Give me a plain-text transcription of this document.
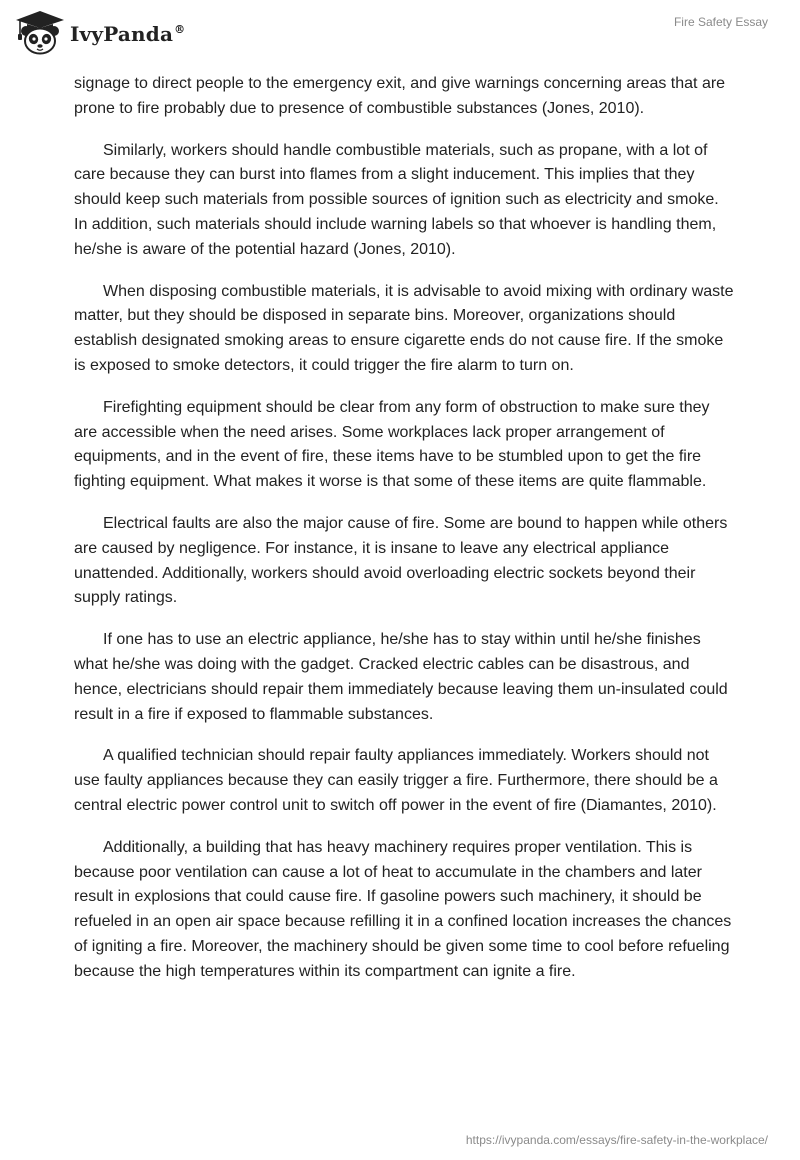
IvyPanda®
Fire Safety Essay

signage to direct people to the emergency exit, and give warnings concerning areas that are prone to fire probably due to presence of combustible substances (Jones, 2010).

Similarly, workers should handle combustible materials, such as propane, with a lot of care because they can burst into flames from a slight inducement. This implies that they should keep such materials from possible sources of ignition such as electricity and smoke. In addition, such materials should include warning labels so that whoever is handling them, he/she is aware of the potential hazard (Jones, 2010).

When disposing combustible materials, it is advisable to avoid mixing with ordinary waste matter, but they should be disposed in separate bins. Moreover, organizations should establish designated smoking areas to ensure cigarette ends do not cause fire. If the smoke is exposed to smoke detectors, it could trigger the fire alarm to turn on.

Firefighting equipment should be clear from any form of obstruction to make sure they are accessible when the need arises. Some workplaces lack proper arrangement of equipments, and in the event of fire, these items have to be stumbled upon to get the fire fighting equipment. What makes it worse is that some of these items are quite flammable.

Electrical faults are also the major cause of fire. Some are bound to happen while others are caused by negligence. For instance, it is insane to leave any electrical appliance unattended. Additionally, workers should avoid overloading electric sockets beyond their supply ratings.

If one has to use an electric appliance, he/she has to stay within until he/she finishes what he/she was doing with the gadget. Cracked electric cables can be disastrous, and hence, electricians should repair them immediately because leaving them un-insulated could result in a fire if exposed to flammable substances.

A qualified technician should repair faulty appliances immediately. Workers should not use faulty appliances because they can easily trigger a fire. Furthermore, there should be a central electric power control unit to switch off power in the event of fire (Diamantes, 2010).

Additionally, a building that has heavy machinery requires proper ventilation. This is because poor ventilation can cause a lot of heat to accumulate in the chambers and later result in explosions that could cause fire. If gasoline powers such machinery, it should be refueled in an open air space because refilling it in a confined location increases the chances of igniting a fire. Moreover, the machinery should be given some time to cool before refueling because the high temperatures within its compartment can ignite a fire.

https://ivypanda.com/essays/fire-safety-in-the-workplace/
